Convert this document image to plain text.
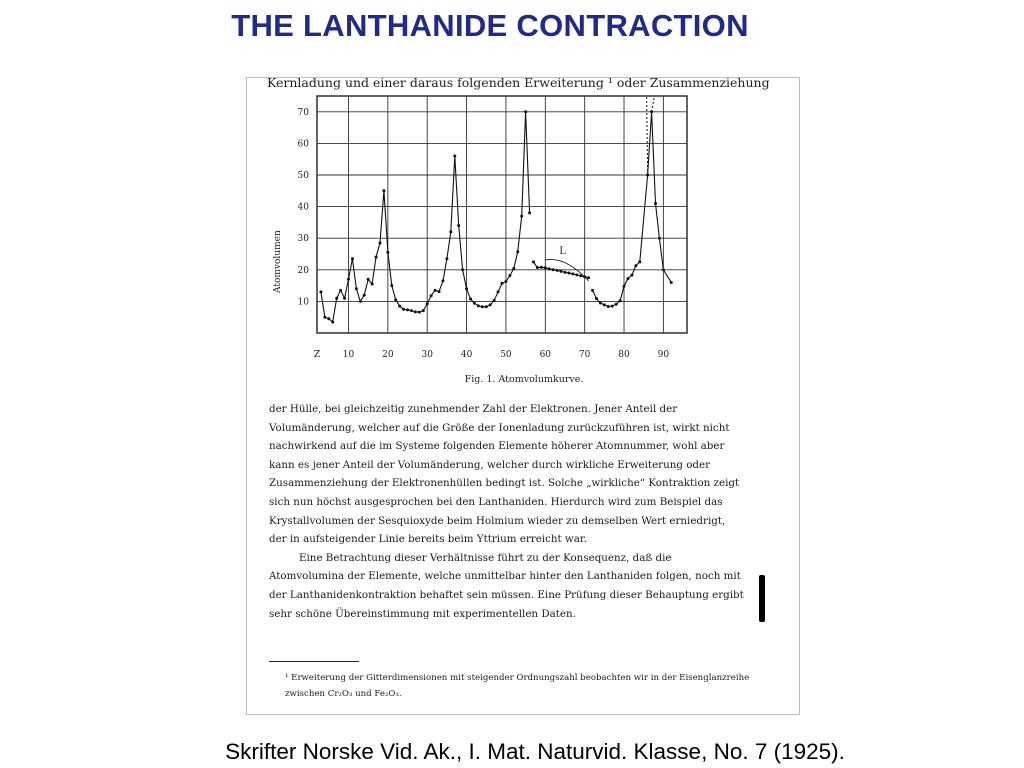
THE LANTHANIDE CONTRACTION
Kernladung und einer daraus folgenden Erweiterung ¹ oder Zusammenziehung
10
20
30
40
50
60
70
Z 10	20	30	40	50	60	70	80	90
L
Atomvolumen
Fig. 1. Atomvolumkurve.

der Hülle, bei gleichzeitig zunehmender Zahl der Elektronen. Jener Anteil der Volumänderung, welcher auf die Größe der Ionenladung zurückzuführen ist, wirkt nicht nachwirkend auf die im Systeme folgenden Elemente höherer Atomnummer, wohl aber kann es jener Anteil der Volumänderung, welcher durch wirkliche Erweiterung oder Zusammenziehung der Elektronenhüllen bedingt ist. Solche „wirkliche“ Kontraktion zeigt sich nun höchst ausgesprochen bei den Lanthaniden. Hierdurch wird zum Beispiel das Krystallvolumen der Sesquioxyde beim Holmium wieder zu demselben Wert erniedrigt, der in aufsteigender Linie bereits beim Yttrium erreicht war.

Eine Betrachtung dieser Verhältnisse führt zu der Konsequenz, daß die Atomvolumina der Elemente, welche unmittelbar hinter den Lanthaniden folgen, noch mit der Lanthanidenkontraktion behaftet sein müssen. Eine Prüfung dieser Behauptung ergibt sehr schöne Übereinstimmung mit experimentellen Daten.

¹ Erweiterung der Gitterdimensionen mit steigender Ordnungszahl beobachten wir in der Eisenglanzreihe zwischen Cr₂O₃ und Fe₂O₃.
Skrifter Norske Vid. Ak., I. Mat. Naturvid. Klasse, No. 7 (1925).
